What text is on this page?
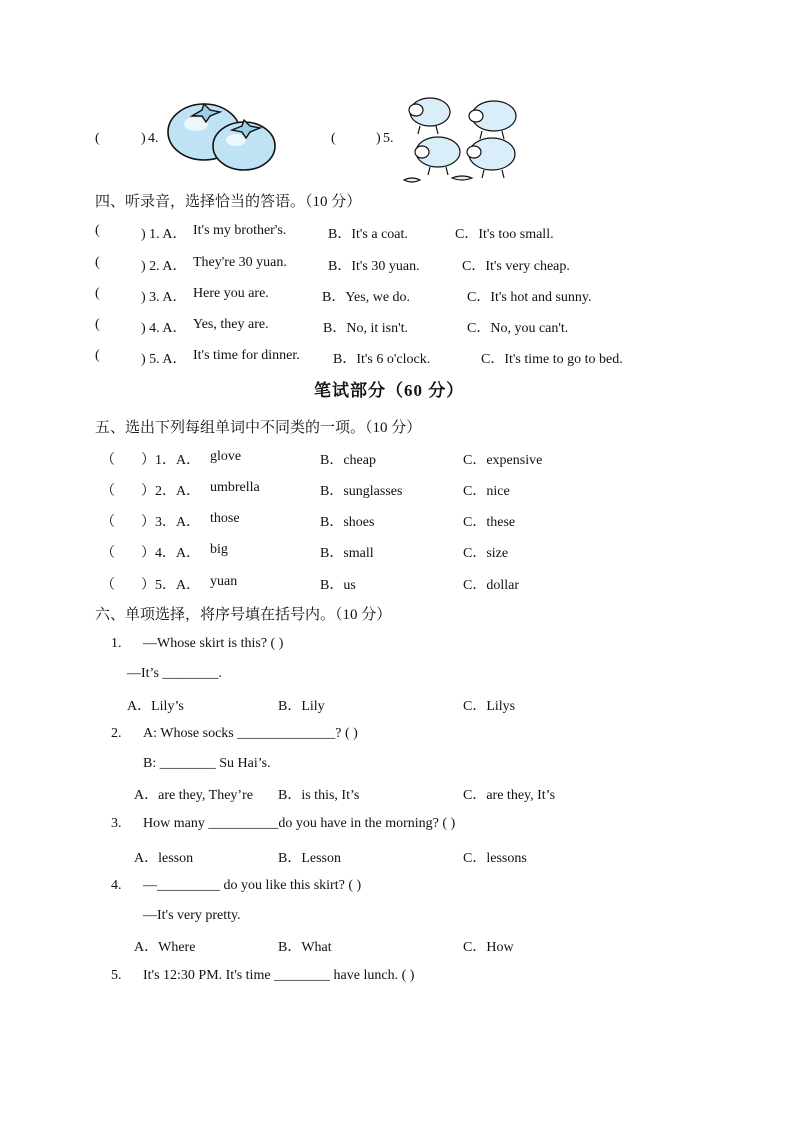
(	) 4.	(	) 5.
四、听录音，选择恰当的答语。（10 分）
(	) 1. A． It's my brother's.	B．It's a coat.	C．It's too small.
(	) 2. A． They're 30 yuan.	B．It's 30 yuan.	C．It's very cheap.
(	) 3. A． Here you are.	B．Yes, we do.	C．It's hot and sunny.
(	) 4. A． Yes, they are.	B．No, it isn't.	C．No, you can't.
(	) 5. A． It's time for dinner. B．It's 6 o'clock.	C．It's time to go to bed.
笔试部分（60 分）
五、选出下列每组单词中不同类的一项。（10 分）
（ ）1．A． glove	B．cheap	C．expensive
（ ）2．A． umbrella	B．sunglasses	C．nice
（ ）3．A． those	B．shoes	C．these
（ ）4．A． big	B．small	C．size
（ ）5．A． yuan	B．us	C．dollar
六、单项选择，将序号填在括号内。（10 分）
1. —Whose skirt is this? ( )
—It’s ________.
A．Lily’s	B．Lily	C．Lilys
2. A: Whose socks ______________? ( )
B: ________ Su Hai’s.
A．are they, They’re B．is this, It’s	C．are they, It’s
3. How many __________do you have in the morning? ( )
A．lesson	B．Lesson	C．lessons
4. —_________ do you like this skirt? ( )
—It's very pretty.
A．Where	B．What	C．How
5. It's 12:30 PM. It's time ________ have lunch. ( )
